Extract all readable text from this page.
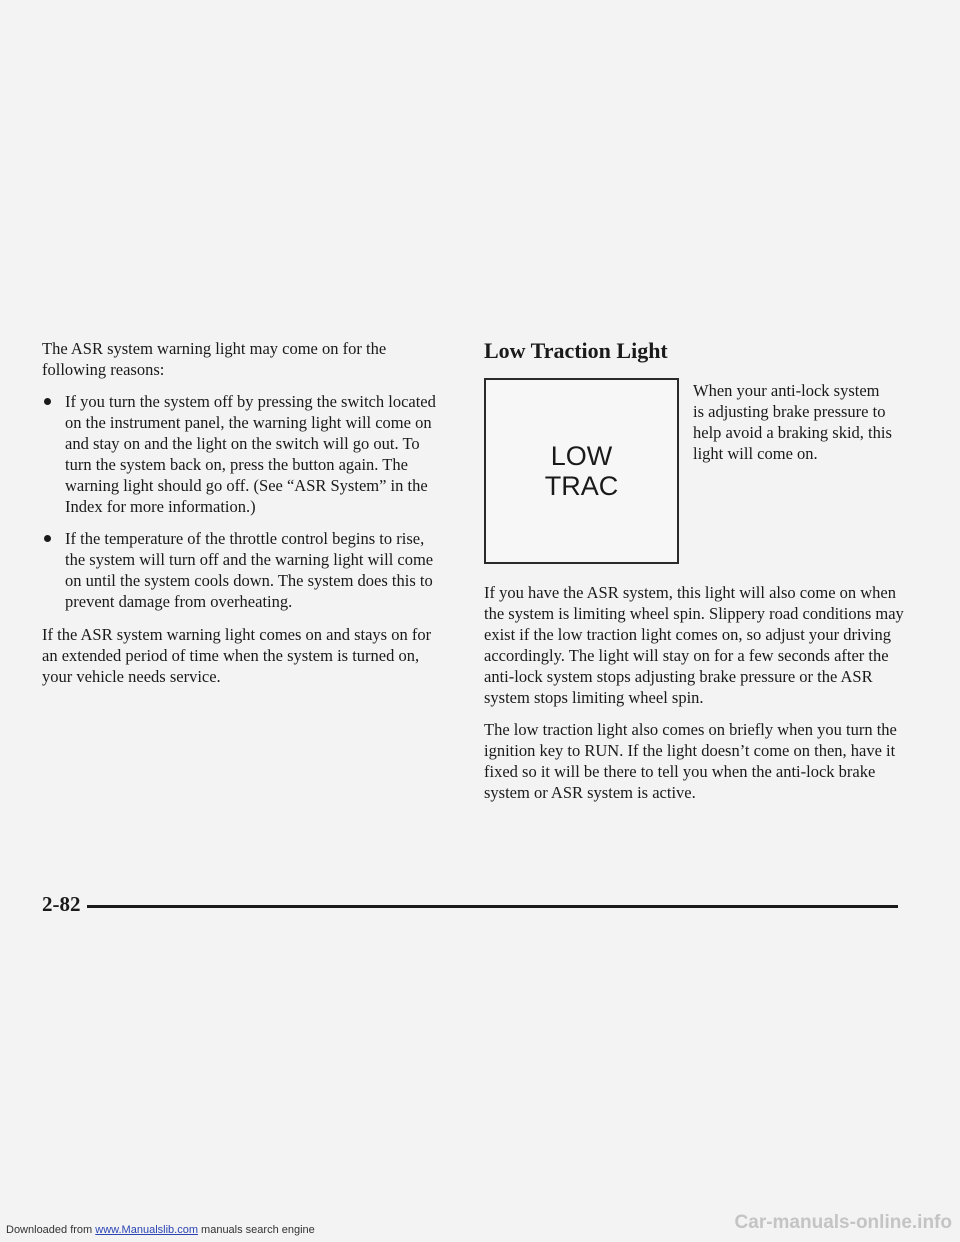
The ASR system warning light may come on for the following reasons:

If you turn the system off by pressing the switch located on the instrument panel, the warning light will come on and stay on and the light on the switch will go out. To turn the system back on, press the button again. The warning light should go off. (See “ASR System” in the Index for more information.)
If the temperature of the throttle control begins to rise, the system will turn off and the warning light will come on until the system cools down. The system does this to prevent damage from overheating.

If the ASR system warning light comes on and stays on for an extended period of time when the system is turned on, your vehicle needs service.

Low Traction Light
LOW
TRAC
When your anti-lock system is adjusting brake pressure to help avoid a braking skid, this light will come on.

If you have the ASR system, this light will also come on when the system is limiting wheel spin. Slippery road conditions may exist if the low traction light comes on, so adjust your driving accordingly. The light will stay on for a few seconds after the anti-lock system stops adjusting brake pressure or the ASR system stops limiting wheel spin.

The low traction light also comes on briefly when you turn the ignition key to RUN. If the light doesn’t come on then, have it fixed so it will be there to tell you when the anti-lock brake system or ASR system is active.

2-82
Downloaded from www.Manualslib.com manuals search engine	Car-manuals-online.info
